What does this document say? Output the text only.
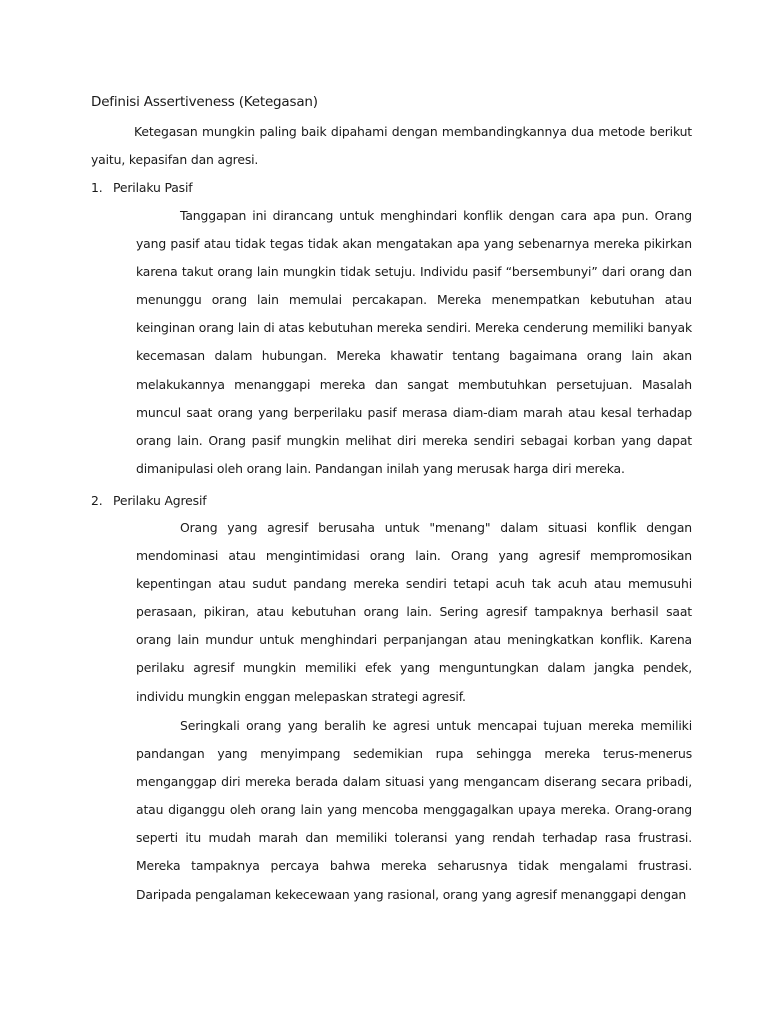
Definisi Assertiveness (Ketegasan)

Ketegasan mungkin paling baik dipahami dengan membandingkannya dua metode berikut yaitu, kepasifan dan agresi.

1. Perilaku Pasif

Tanggapan ini dirancang untuk menghindari konflik dengan cara apa pun. Orang yang pasif atau tidak tegas tidak akan mengatakan apa yang sebenarnya mereka pikirkan karena takut orang lain mungkin tidak setuju. Individu pasif “bersembunyi” dari orang dan menunggu orang lain memulai percakapan. Mereka menempatkan kebutuhan atau keinginan orang lain di atas kebutuhan mereka sendiri. Mereka cenderung memiliki banyak kecemasan dalam hubungan. Mereka khawatir tentang bagaimana orang lain akan melakukannya menanggapi mereka dan sangat membutuhkan persetujuan. Masalah muncul saat orang yang berperilaku pasif merasa diam-diam marah atau kesal terhadap orang lain. Orang pasif mungkin melihat diri mereka sendiri sebagai korban yang dapat dimanipulasi oleh orang lain. Pandangan inilah yang merusak harga diri mereka.

2. Perilaku Agresif

Orang yang agresif berusaha untuk "menang" dalam situasi konflik dengan mendominasi atau mengintimidasi orang lain. Orang yang agresif mempromosikan kepentingan atau sudut pandang mereka sendiri tetapi acuh tak acuh atau memusuhi perasaan, pikiran, atau kebutuhan orang lain. Sering agresif tampaknya berhasil saat orang lain mundur untuk menghindari perpanjangan atau meningkatkan konflik. Karena perilaku agresif mungkin memiliki efek yang menguntungkan dalam jangka pendek, individu mungkin enggan melepaskan strategi agresif.

Seringkali orang yang beralih ke agresi untuk mencapai tujuan mereka memiliki pandangan yang menyimpang sedemikian rupa sehingga mereka terus-menerus menganggap diri mereka berada dalam situasi yang mengancam diserang secara pribadi, atau diganggu oleh orang lain yang mencoba menggagalkan upaya mereka. Orang-orang seperti itu mudah marah dan memiliki toleransi yang rendah terhadap rasa frustrasi. Mereka tampaknya percaya bahwa mereka seharusnya tidak mengalami frustrasi. Daripada pengalaman kekecewaan yang rasional, orang yang agresif menanggapi dengan
